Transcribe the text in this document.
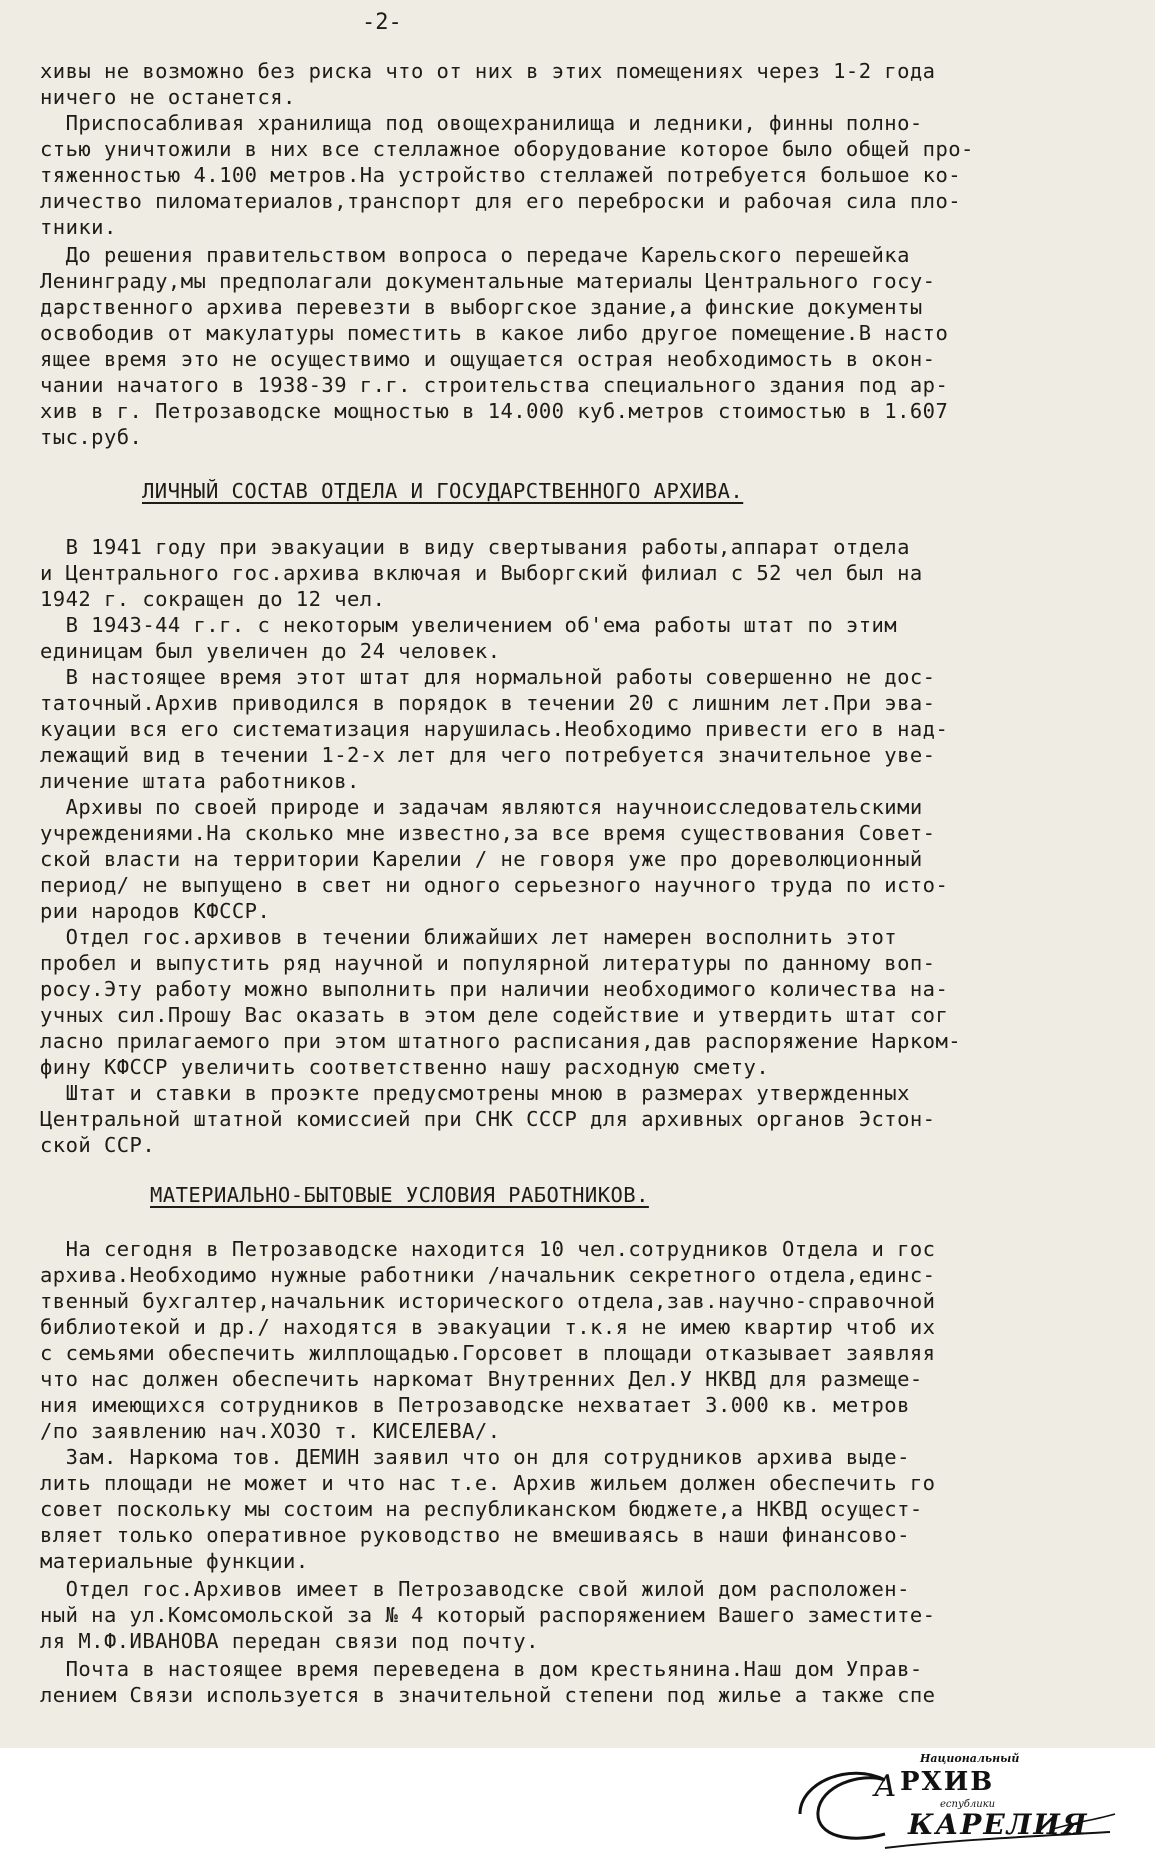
-2-

хивы не возможно без риска что от них в этих помещениях через 1-2 года

ничего не останется.

Приспосабливая хранилища под овощехранилища и ледники, финны полно-

стью уничтожили в них все стеллажное оборудование которое было общей про-

тяженностью 4.100 метров.На устройство стеллажей потребуется большое ко-

личество пиломатериалов,транспорт для его переброски и рабочая сила пло-

тники.

До решения правительством вопроса о передаче Карельского перешейка

Ленинграду,мы предполагали документальные материалы Центрального госу-

дарственного архива перевезти в выборгское здание,а финские документы

освободив от макулатуры поместить в какое либо другое помещение.В насто

ящее время это не осуществимо и ощущается острая необходимость в окон-

чании начатого в 1938-39 г.г. строительства специального здания под ар-

хив в г. Петрозаводске мощностью в 14.000 куб.метров стоимостью в 1.607

тыс.руб.

ЛИЧНЫЙ СОСТАВ ОТДЕЛА И ГОСУДАРСТВЕННОГО АРХИВА.

В 1941 году при эвакуации в виду свертывания работы,аппарат отдела

и Центрального гос.архива включая и Выборгский филиал с 52 чел был на

1942 г. сокращен до 12 чел.

В 1943-44 г.г. с некоторым увеличением об'ема работы штат по этим

единицам был увеличен до 24 человек.

В настоящее время этот штат для нормальной работы совершенно не дос-

таточный.Архив приводился в порядок в течении 20 с лишним лет.При эва-

куации вся его систематизация нарушилась.Необходимо привести его в над-

лежащий вид в течении 1-2-х лет для чего потребуется значительное уве-

личение штата работников.

Архивы по своей природе и задачам являются научноисследовательскими

учреждениями.На сколько мне известно,за все время существования Совет-

ской власти на территории Карелии / не говоря уже про дореволюционный

период/ не выпущено в свет ни одного серьезного научного труда по исто-

рии народов КФССР.

Отдел гос.архивов в течении ближайших лет намерен восполнить этот

пробел и выпустить ряд научной и популярной литературы по данному воп-

росу.Эту работу можно выполнить при наличии необходимого количества на-

учных сил.Прошу Вас оказать в этом деле содействие и утвердить штат сог

ласно прилагаемого при этом штатного расписания,дав распоряжение Нарком-

фину КФССР увеличить соответственно нашу расходную смету.

Штат и ставки в проэкте предусмотрены мною в размерах утвержденных

Центральной штатной комиссией при СНК СССР для архивных органов Эстон-

ской ССР.

МАТЕРИАЛЬНО-БЫТОВЫЕ УСЛОВИЯ РАБОТНИКОВ.

На сегодня в Петрозаводске находится 10 чел.сотрудников Отдела и гос

архива.Необходимо нужные работники /начальник секретного отдела,единс-

твенный бухгалтер,начальник исторического отдела,зав.научно-справочной

библиотекой и др./ находятся в эвакуации т.к.я не имею квартир чтоб их

с семьями обеспечить жилплощадью.Горсовет в площади отказывает заявляя

что нас должен обеспечить наркомат Внутренних Дел.У НКВД для размеще-

ния имеющихся сотрудников в Петрозаводске нехватает 3.000 кв. метров

/по заявлению нач.ХОЗО т. КИСЕЛЕВА/.

Зам. Наркома тов. ДЕМИН заявил что он для сотрудников архива выде-

лить площади не может и что нас т.е. Архив жильем должен обеспечить го

совет поскольку мы состоим на республиканском бюджете,а НКВД осущест-

вляет только оперативное руководство не вмешиваясь в наши финансово-

материальные функции.

Отдел гос.Архивов имеет в Петрозаводске свой жилой дом расположен-

ный на ул.Комсомольской за № 4 который распоряжением Вашего заместите-

ля М.Ф.ИВАНОВА передан связи под почту.

Почта в настоящее время переведена в дом крестьянина.Наш дом Управ-

лением Связи используется в значительной степени под жилье а также спе

А
Национальный
РХИВ
еспублики
КАРЕЛИЯ
